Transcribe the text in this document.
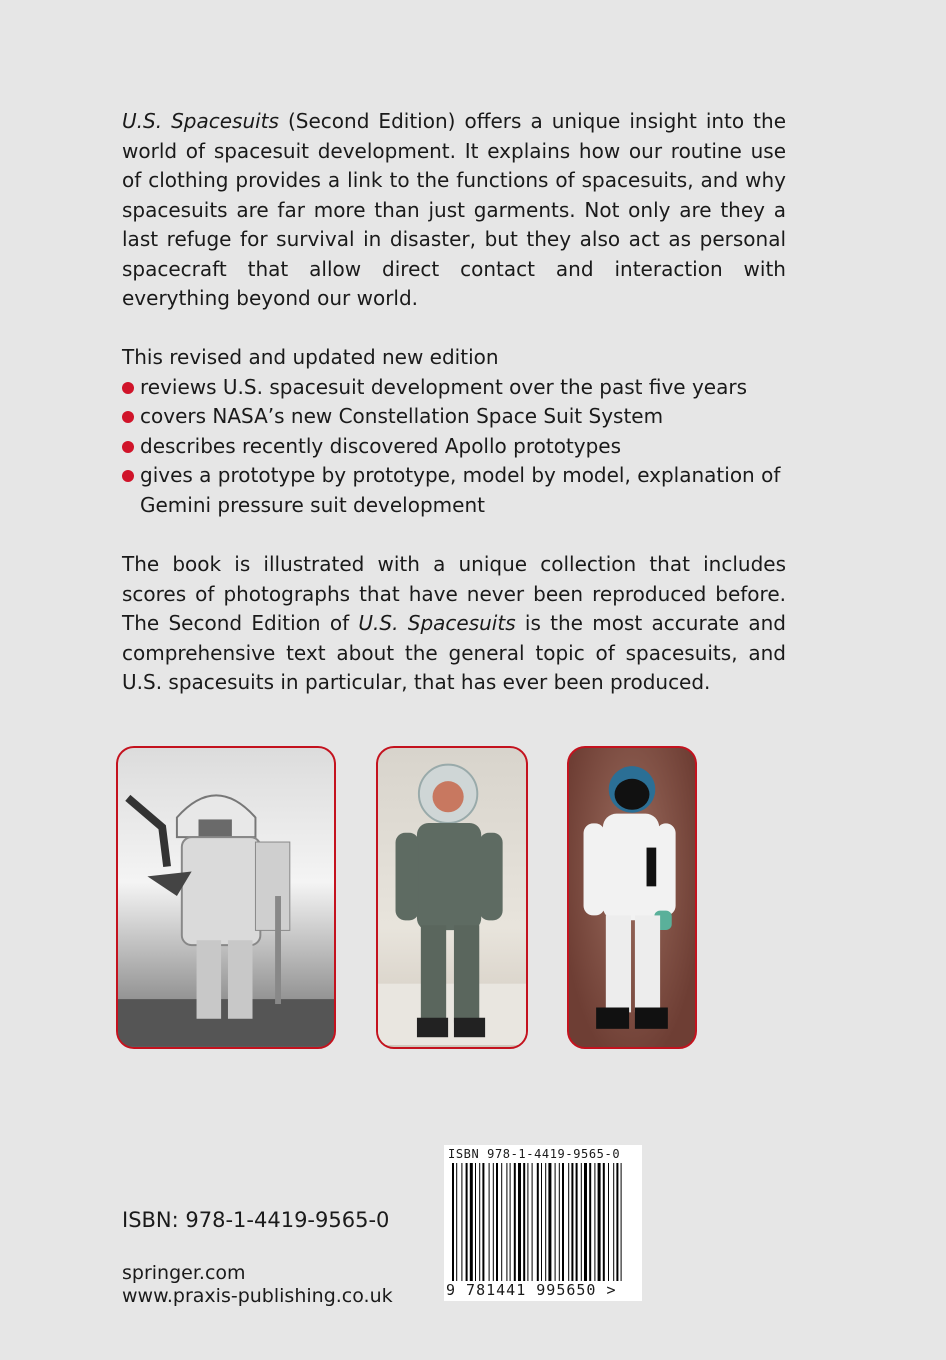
U.S. Spacesuits (Second Edition) offers a unique insight into the world of spacesuit development. It explains how our routine use of clothing provides a link to the functions of spacesuits, and why spacesuits are far more than just garments. Not only are they a last refuge for survival in disaster, but they also act as personal spacecraft that allow direct contact and interaction with everything beyond our world.

This revised and updated new edition

reviews U.S. spacesuit development over the past five years
covers NASA’s new Constellation Space Suit System
describes recently discovered Apollo prototypes
gives a prototype by prototype, model by model, explanation of Gemini pressure suit development

The book is illustrated with a unique collection that includes scores of photographs that have never been reproduced before. The Second Edition of U.S. Spacesuits is the most accurate and comprehensive text about the general topic of spacesuits, and U.S. spacesuits in particular, that has ever been produced.

ISBN: 978-1-4419-9565-0
springer.com
www.praxis-publishing.co.uk
ISBN 978-1-4419-9565-0
9 781441 995650 >
